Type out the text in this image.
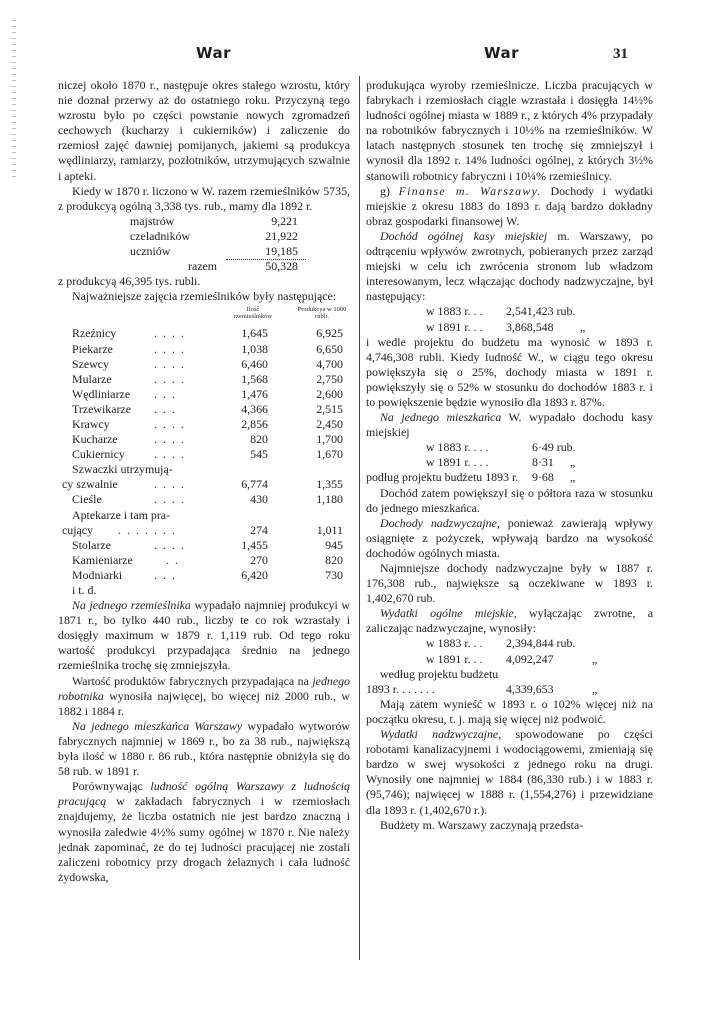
War	War	31

niczej około 1870 r., następuje okres stałego wzrostu, który nie doznał przerwy aż do ostatniego roku. Przyczyną tego wzrostu było po części powstanie nowych zgromadzeń cechowych (kucharzy i cukierników) i zaliczenie do rzemiosł zajęć dawniej pomijanych, jakiemi są produkcya wędliniarzy, ramiarzy, pozłotników, utrzymujących szwalnie i apteki.

Kiedy w 1870 r. liczono w W. razem rzemieślników 5735, z produkcyą ogólną 3,338 tys. rub., mamy dla 1892 r.

majstrów	9,221
czeladników	21,922
uczniów	19,185
razem	50,328

z produkcyą 46,395 tys. rubli.

Najważniejsze zajęcia rzemieślników były następujące:

Ilość rzemieślników
Produkcya w 1000 rubli.
Rzeźnicy	....	1,645	6,925
Piekarze	....	1,038	6,650
Szewcy	....	6,460	4,700
Mularze	....	1,568	2,750
Wędliniarze ...	1,476	2,600
Trzewikarze ...	4,366	2,515
Krawcy	....	2,856	2,450
Kucharze	....	820	1,700
Cukiernicy ....	545	1,670
Szwaczki utrzymują-
cy szwalnie	....	6,774	1,355
Cieśle	....	430	1,180
Aptekarze i tam pra-
cujący .......	274	1,011
Stolarze	....	1,455	945
Kamieniarze	..	270	820
Modniarki	...	6,420	730
i t. d.

Na jednego rzemieślnika wypadało najmniej produkcyi w 1871 r., bo tylko 440 rub., liczby te co rok wzrastały i dosięgły maximum w 1879 r. 1,119 rub. Od tego roku wartość produkcyi przypadająca średnio na jednego rzemieślnika trochę się zmniejszyła.

Wartość produktów fabrycznych przypadająca na jednego robotnika wynosiła najwięcej, bo więcej niż 2000 rub., w 1882 i 1884 r.

Na jednego mieszkańca Warszawy wypadało wytworów fabrycznych najmniej w 1869 r., bo za 38 rub., największą była ilość w 1880 r. 86 rub., która następnie obniżyła się do 58 rub. w 1891 r.

Porównywając ludność ogólną Warszawy z ludnością pracującą w zakładach fabrycznych i w rzemiosłach znajdujemy, że liczba ostatnich nie jest bardzo znaczną i wynosiła zaledwie 4½% sumy ogólnej w 1870 r. Nie należy jednak zapominać, że do tej ludności pracującej nie zostali zaliczeni robotnicy przy drogach żelaznych i cała ludność żydowska,

produkująca wyroby rzemieślnicze. Liczba pracujących w fabrykach i rzemiosłach ciągle wzrastała i dosięgła 14½% ludności ogólnej miasta w 1889 r., z których 4% przypadały na robotników fabrycznych i 10½% na rzemieślników. W latach następnych stosunek ten trochę się zmniejszył i wynosił dla 1892 r. 14% ludności ogólnej, z których 3½% stanowili robotnicy fabryczni i 10¼% rzemieślnicy.

g) Finanse m. Warszawy. Dochody i wydatki miejskie z okresu 1883 do 1893 r. dają bardzo dokładny obraz gospodarki finansowej W.

Dochód ogólnej kasy miejskiej m. Warszawy, po odtrąceniu wpływów zwrotnych, pobieranych przez zarząd miejski w celu ich zwrócenia stronom lub władzom interesowanym, lecz włączając dochody nadzwyczajne, był następujący:

w 1883 r. . . 2,541,423 rub.
w 1891 r. . . 3,868,548 „

i wedle projektu do budżetu ma wynosić w 1893 r. 4,746,308 rubli. Kiedy ludność W., w ciągu tego okresu powiększyła się o 25%, dochody miasta w 1891 r. powiększyły się o 52% w stosunku do dochodów 1883 r. i to powiększenie będzie wynosiło dla 1893 r. 87%.

Na jednego mieszkańca W. wypadało dochodu kasy miejskiej

w 1883 r. . . .	6·49 rub.
w 1891 r. . . .	8·31 „
podług projektu budżetu 1893 r. 9·68 „

Dochód zatem powiększył się o półtora raza w stosunku do jednego mieszkańca.

Dochody nadzwyczajne, ponieważ zawierają wpływy osiągnięte z pożyczek, wpływają bardzo na wysokość dochodów ogólnych miasta.

Najmniejsze dochody nadzwyczajne były w 1887 r. 176,308 rub., największe są oczekiwane w 1893 r. 1,402,670 rub.

Wydatki ogólne miejskie, wyłączając zwrotne, a zaliczając nadzwyczajne, wynosiły:

w 1883 r. . . 2,394,844 rub.
w 1891 r. . . 4,092,247	„
według projektu budżetu
1893 r. . . . . . .	4,339,653	„

Mają zatem wynieść w 1893 r. o 102% więcej niż na początku okresu, t. j. mają się więcej niż podwoić.

Wydatki nadzwyczajne, spowodowane po części robotami kanalizacyjnemi i wodociągowemi, zmieniają się bardzo w swej wysokości z jednego roku na drugi. Wynosiły one najmniej w 1884 (86,330 rub.) i w 1883 r. (95,746); najwięcej w 1888 r. (1,554,276) i przewidziane dla 1893 r. (1,402,670 r.).

Budżety m. Warszawy zaczynają przedsta-
